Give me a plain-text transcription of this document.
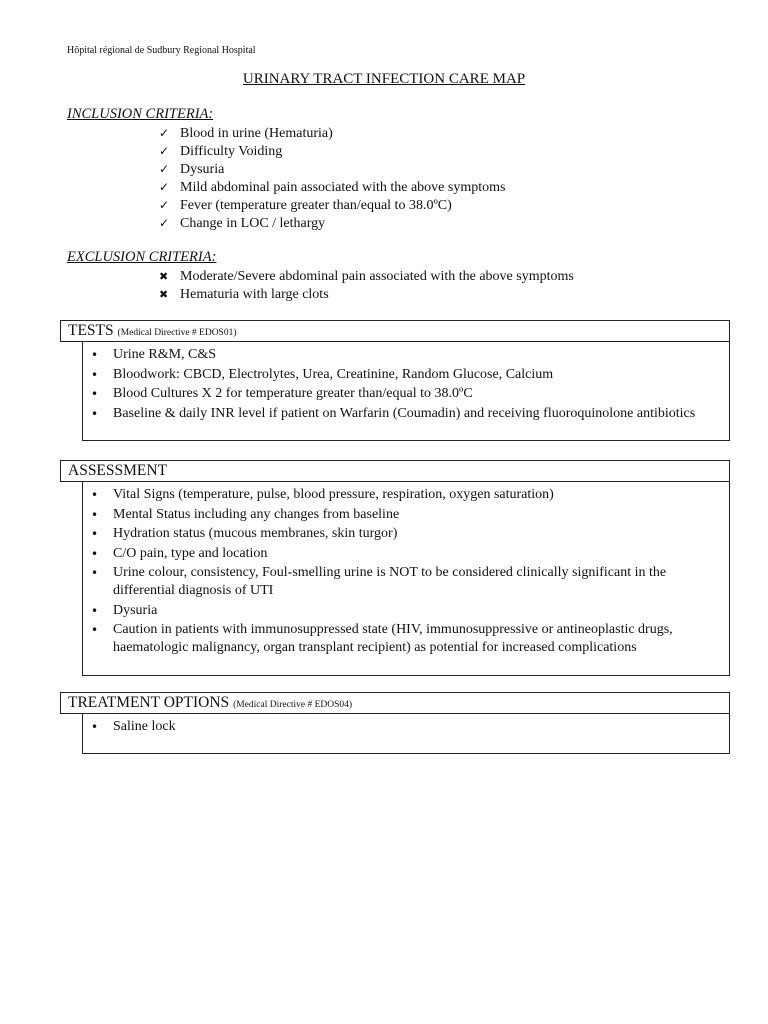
Hôpital régional de Sudbury Regional Hospital
URINARY TRACT INFECTION CARE MAP
INCLUSION CRITERIA:
✓ Blood in urine (Hematuria)
✓ Difficulty Voiding
✓ Dysuria
✓ Mild abdominal pain associated with the above symptoms
✓ Fever (temperature greater than/equal to 38.0ºC)
✓ Change in LOC / lethargy
EXCLUSION CRITERIA:
✖ Moderate/Severe abdominal pain associated with the above symptoms
✖ Hematuria with large clots
TESTS (Medical Directive # EDOS01)
• Urine R&M, C&S
• Bloodwork: CBCD, Electrolytes, Urea, Creatinine, Random Glucose, Calcium
• Blood Cultures X 2 for temperature greater than/equal to 38.0ºC
• Baseline & daily INR level if patient on Warfarin (Coumadin) and receiving fluoroquinolone antibiotics
ASSESSMENT
• Vital Signs (temperature, pulse, blood pressure, respiration, oxygen saturation)
• Mental Status including any changes from baseline
• Hydration status (mucous membranes, skin turgor)
• C/O pain, type and location
• Urine colour, consistency, Foul-smelling urine is NOT to be considered clinically significant in the differential diagnosis of UTI
• Dysuria
• Caution in patients with immunosuppressed state (HIV, immunosuppressive or antineoplastic drugs, haematologic malignancy, organ transplant recipient) as potential for increased complications
TREATMENT OPTIONS (Medical Directive # EDOS04)
• Saline lock
